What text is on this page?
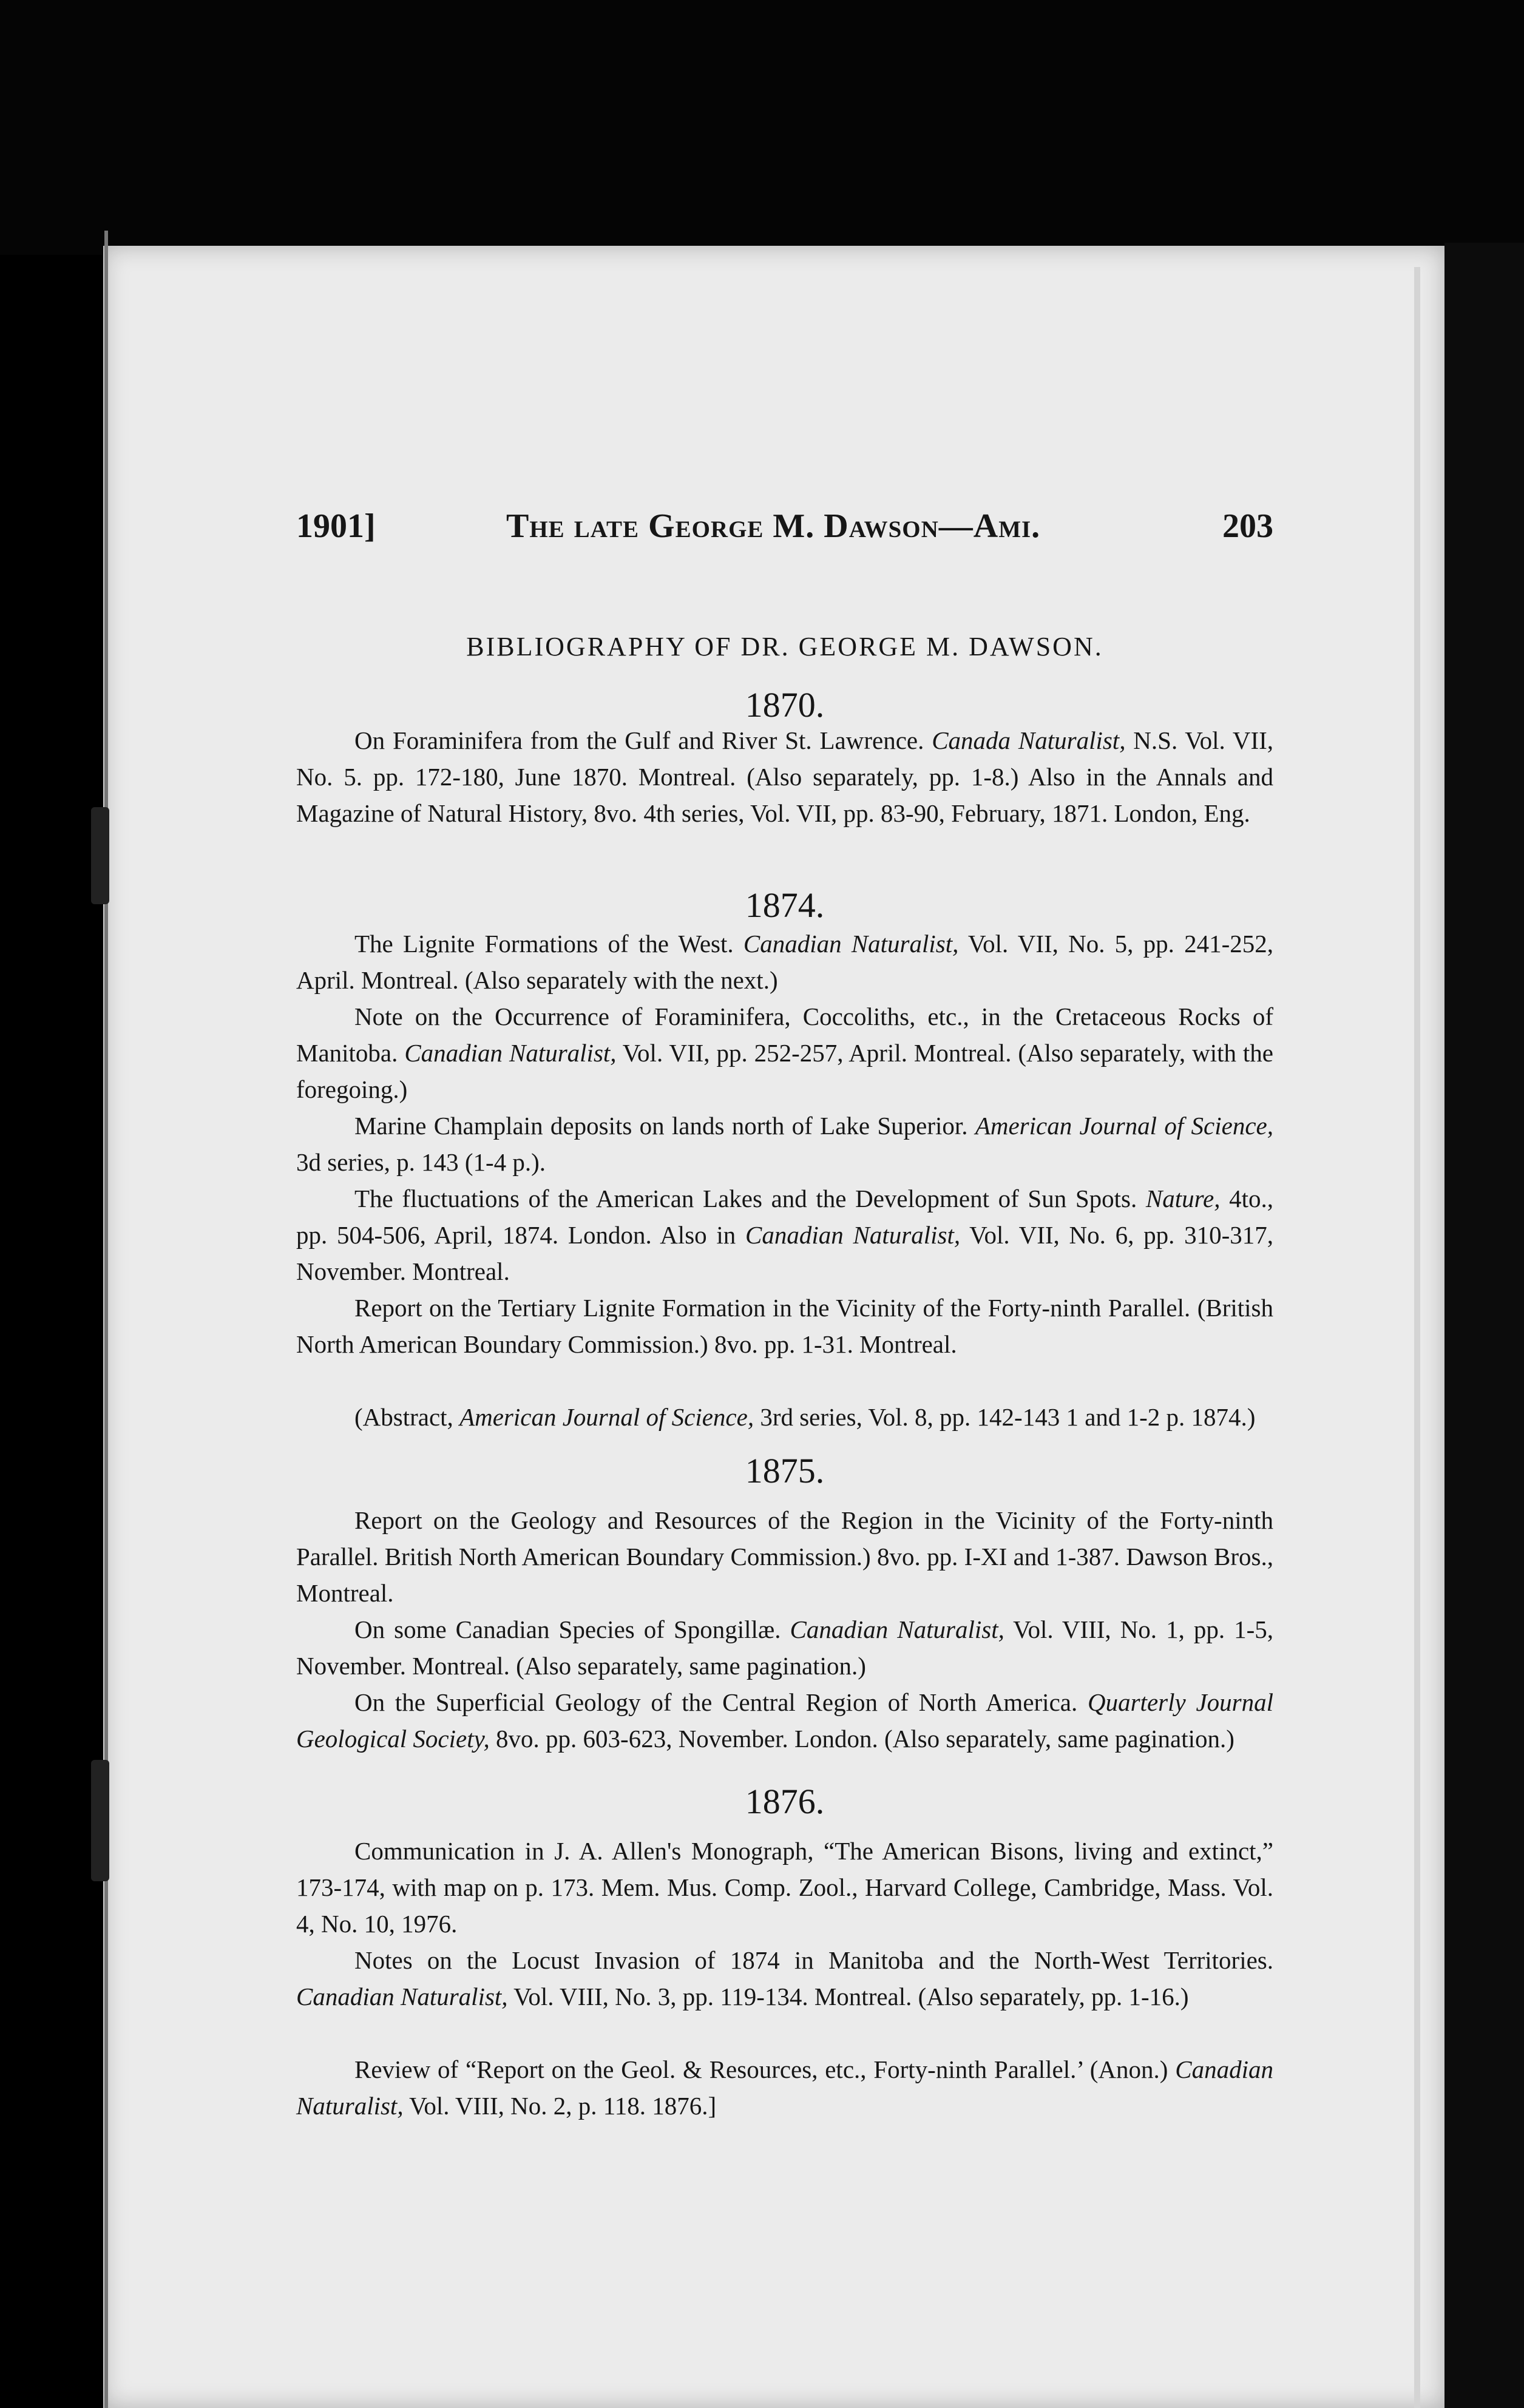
1901]	The late George M. Dawson—Ami.	203
BIBLIOGRAPHY OF DR. GEORGE M. DAWSON.
1870.

On Foraminifera from the Gulf and River St. Lawrence. Canada Naturalist, N.S. Vol. VII, No. 5. pp. 172-180, June 1870. Montreal. (Also separately, pp. 1-8.) Also in the Annals and Magazine of Natural History, 8vo. 4th series, Vol. VII, pp. 83-90, February, 1871. London, Eng.

1874.

The Lignite Formations of the West. Canadian Naturalist, Vol. VII, No. 5, pp. 241-252, April. Montreal. (Also separately with the next.)

Note on the Occurrence of Foraminifera, Coccoliths, etc., in the Cretaceous Rocks of Manitoba. Canadian Naturalist, Vol. VII, pp. 252-257, April. Montreal. (Also separately, with the foregoing.)

Marine Champlain deposits on lands north of Lake Superior. American Journal of Science, 3d series, p. 143 (1-4 p.).

The fluctuations of the American Lakes and the Development of Sun Spots. Nature, 4to., pp. 504-506, April, 1874. London. Also in Canadian Naturalist, Vol. VII, No. 6, pp. 310-317, November. Montreal.

Report on the Tertiary Lignite Formation in the Vicinity of the Forty-ninth Parallel. (British North American Boundary Commission.) 8vo. pp. 1-31. Montreal.

(Abstract, American Journal of Science, 3rd series, Vol. 8, pp. 142-143 1 and 1-2 p. 1874.)

1875.

Report on the Geology and Resources of the Region in the Vicinity of the Forty-ninth Parallel. British North American Boundary Commission.) 8vo. pp. I-XI and 1-387. Dawson Bros., Montreal.

On some Canadian Species of Spongillæ. Canadian Naturalist, Vol. VIII, No. 1, pp. 1-5, November. Montreal. (Also separately, same pagination.)

On the Superficial Geology of the Central Region of North America. Quarterly Journal Geological Society, 8vo. pp. 603-623, November. London. (Also separately, same pagination.)

1876.

Communication in J. A. Allen's Monograph, “The American Bisons, living and extinct,” 173-174, with map on p. 173. Mem. Mus. Comp. Zool., Harvard College, Cambridge, Mass. Vol. 4, No. 10, 1976.

Notes on the Locust Invasion of 1874 in Manitoba and the North-West Territories. Canadian Naturalist, Vol. VIII, No. 3, pp. 119-134. Montreal. (Also separately, pp. 1-16.)

Review of “Report on the Geol. & Resources, etc., Forty-ninth Parallel.’ (Anon.) Canadian Naturalist, Vol. VIII, No. 2, p. 118. 1876.]
